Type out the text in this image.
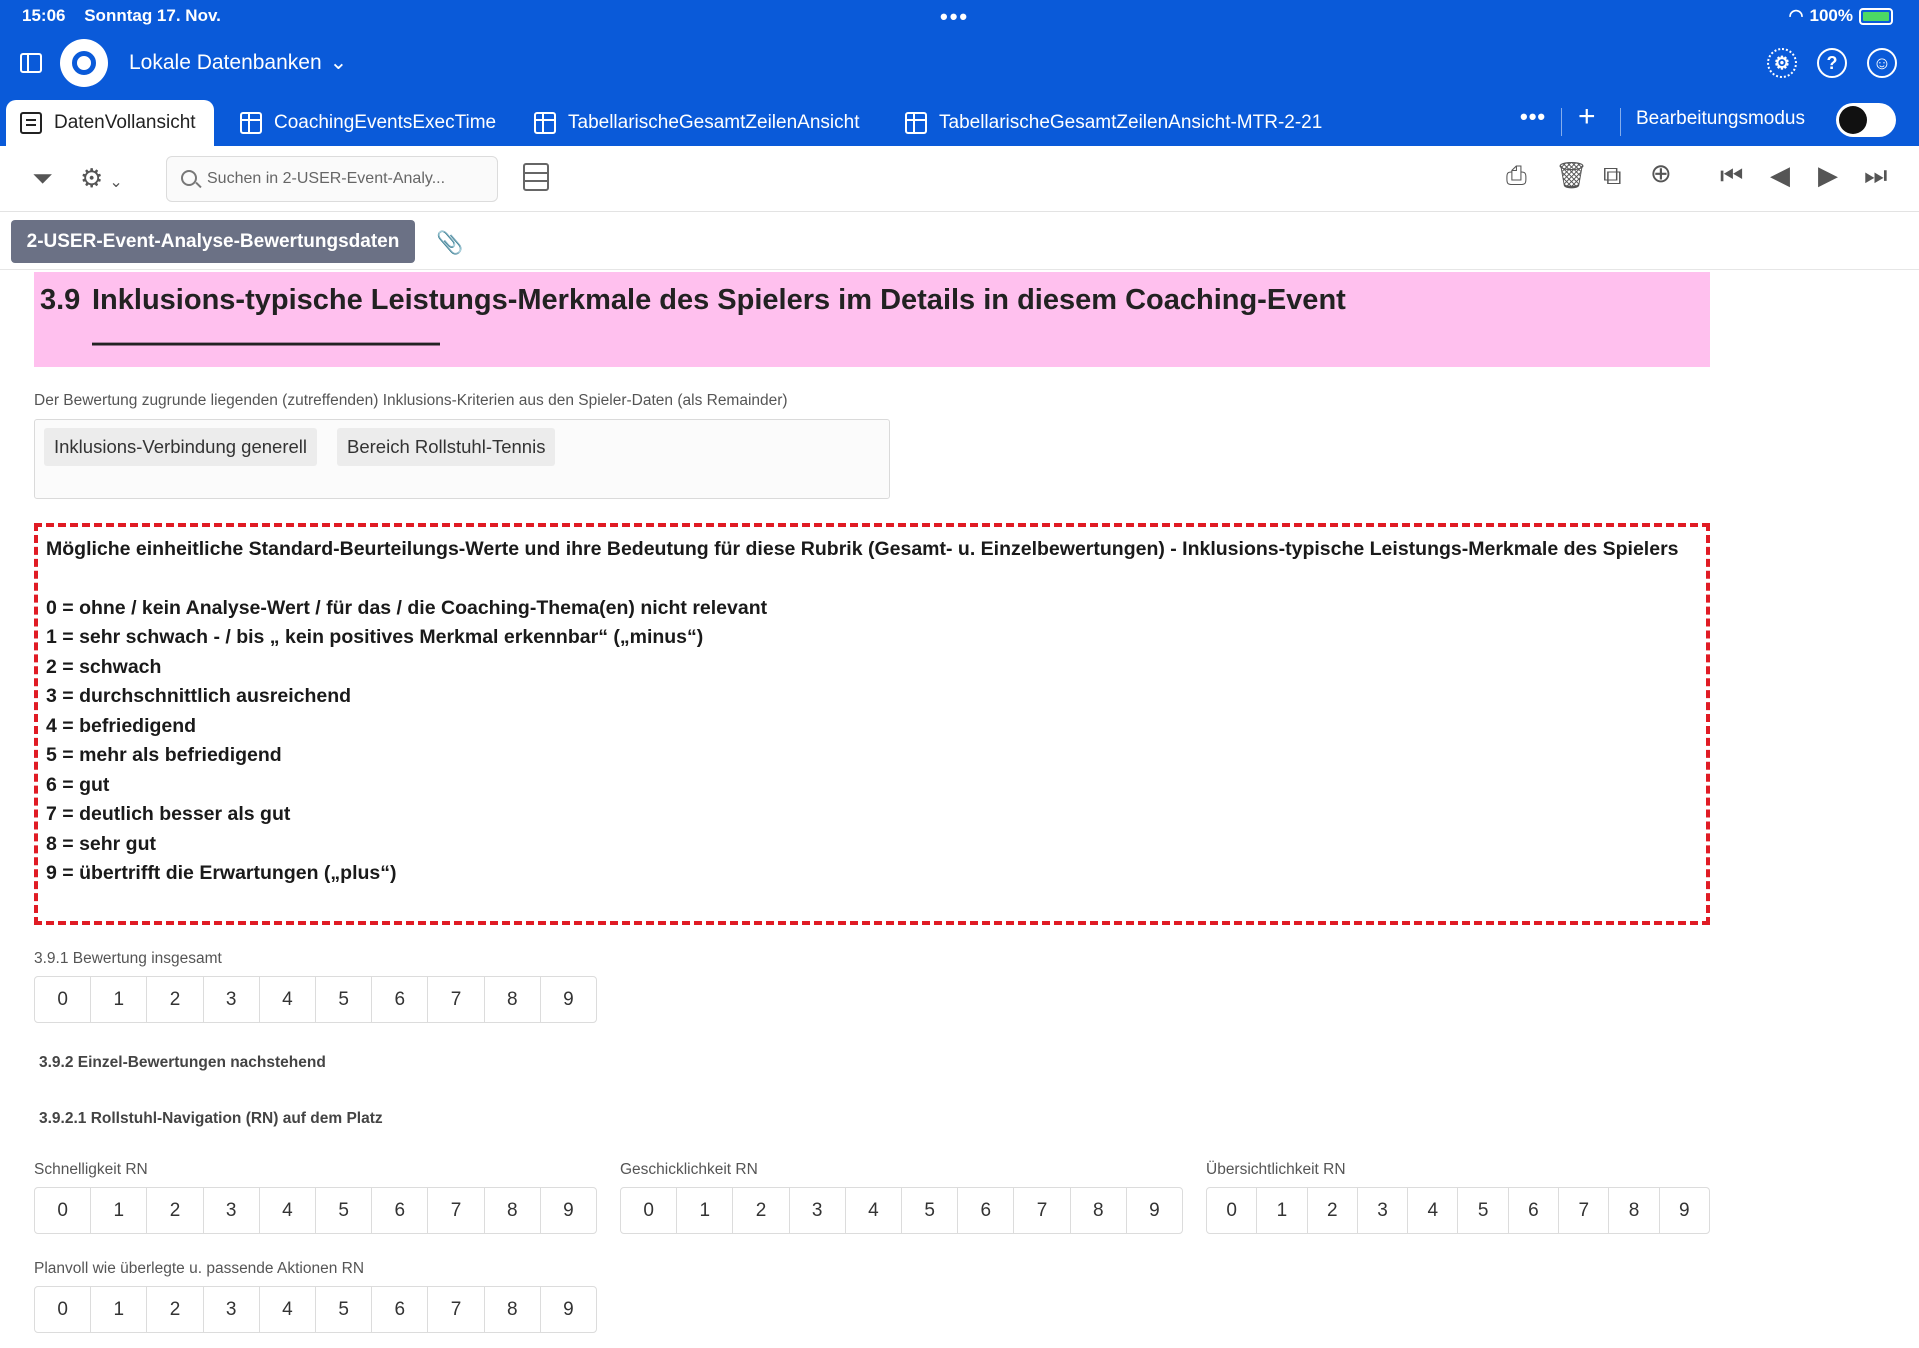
15:06 Sonntag 17. Nov.	•••	◠ 100%
Lokale Datenbanken ⌄	⚙	?	☺
DatenVollansicht	CoachingEventsExecTime	TabellarischeGesamtZeilenAnsicht	TabellarischeGesamtZeilenAnsicht-MTR-2-21	••• + Bearbeitungsmodus
⏷ ⚙ ⌄	Suchen in 2-USER-Event-Analy...	⎙ 🗑 ⧉ ⊕ ⏮ ◀ ▶ ⏭
2-USER-Event-Analyse-Bewertungsdaten	📎
3.9 Inklusions-typische Leistungs-Merkmale des Spielers im Details in diesem Coaching-Event
————————————
Der Bewertung zugrunde liegenden (zutreffenden) Inklusions-Kriterien aus den Spieler-Daten (als Remainder)
Inklusions-Verbindung generell	Bereich Rollstuhl-Tennis
Mögliche einheitliche Standard-Beurteilungs-Werte und ihre Bedeutung für diese Rubrik (Gesamt- u. Einzelbewertungen) - Inklusions-typische Leistungs-Merkmale des Spielers
0 = ohne / kein Analyse-Wert / für das / die Coaching-Thema(en) nicht relevant
1 = sehr schwach - / bis „ kein positives Merkmal erkennbar“ („minus“)
2 = schwach
3 = durchschnittlich ausreichend
4 = befriedigend
5 = mehr als befriedigend
6 = gut
7 = deutlich besser als gut
8 = sehr gut
9 = übertrifft die Erwartungen („plus“)
3.9.1 Bewertung insgesamt
0	1	2	3	4	5	6	7	8	9
3.9.2 Einzel-Bewertungen nachstehend
3.9.2.1 Rollstuhl-Navigation (RN) auf dem Platz
Schnelligkeit RN
0	1	2	3	4	5	6	7	8	9
Geschicklichkeit RN
0	1	2	3	4	5	6	7	8	9
Übersichtlichkeit RN
0	1	2	3	4	5	6	7	8	9
Planvoll wie überlegte u. passende Aktionen RN
0	1	2	3	4	5	6	7	8	9
